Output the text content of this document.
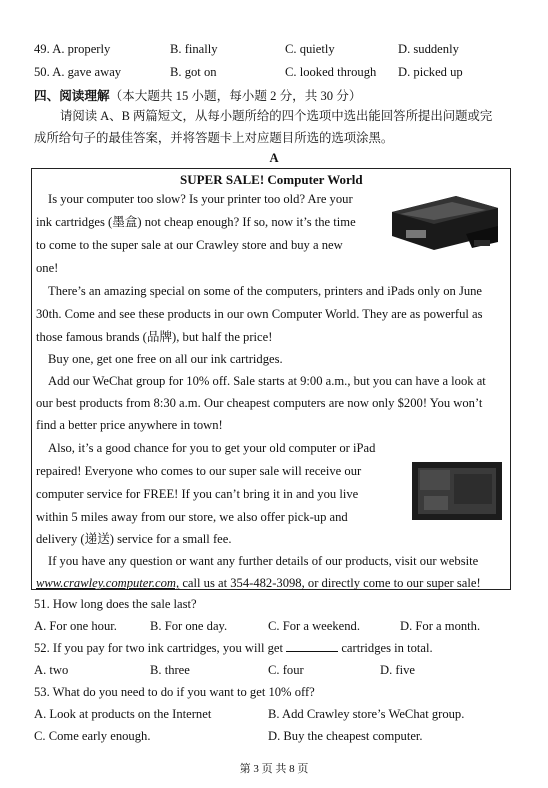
49. A. properly	B. finally	C. quietly	D. suddenly
50. A. gave away	B. got on	C. looked through D. picked up
四、阅读理解（本大题共 15 小题，每小题 2 分，共 30 分）
请阅读 A、B 两篇短文，从每小题所给的四个选项中选出能回答所提出问题或完
成所给句子的最佳答案，并将答题卡上对应题目所选的选项涂黑。
A
SUPER SALE! Computer World
Is your computer too slow? Is your printer too old? Are your
ink cartridges (墨盒) not cheap enough? If so, now it’s the time
to come to the super sale at our Crawley store and buy a new
one!
There’s an amazing special on some of the computers, printers and iPads only on June
30th. Come and see these products in our own Computer World. They are as powerful as
those famous brands (品牌), but half the price!
Buy one, get one free on all our ink cartridges.
Add our WeChat group for 10% off. Sale starts at 9:00 a.m., but you can have a look at
our best products from 8:30 a.m. Our cheapest computers are now only $200! You won’t
find a better price anywhere in town!
Also, it’s a good chance for you to get your old computer or iPad
repaired! Everyone who comes to our super sale will receive our
computer service for FREE! If you can’t bring it in and you live
within 5 miles away from our store, we also offer pick-up and
delivery (递送) service for a small fee.
If you have any question or want any further details of our products, visit our website
www.crawley.computer.com, call us at 354-482-3098, or directly come to our super sale!
51. How long does the sale last?
A. For one hour.	B. For one day.	C. For a weekend.	D. For a month.
52. If you pay for two ink cartridges, you will get	cartridges in total.
A. two	B. three	C. four	D. five
53. What do you need to do if you want to get 10% off?
A. Look at products on the Internet	B. Add Crawley store’s WeChat group.
C. Come early enough.	D. Buy the cheapest computer.
第 3 页 共 8 页
